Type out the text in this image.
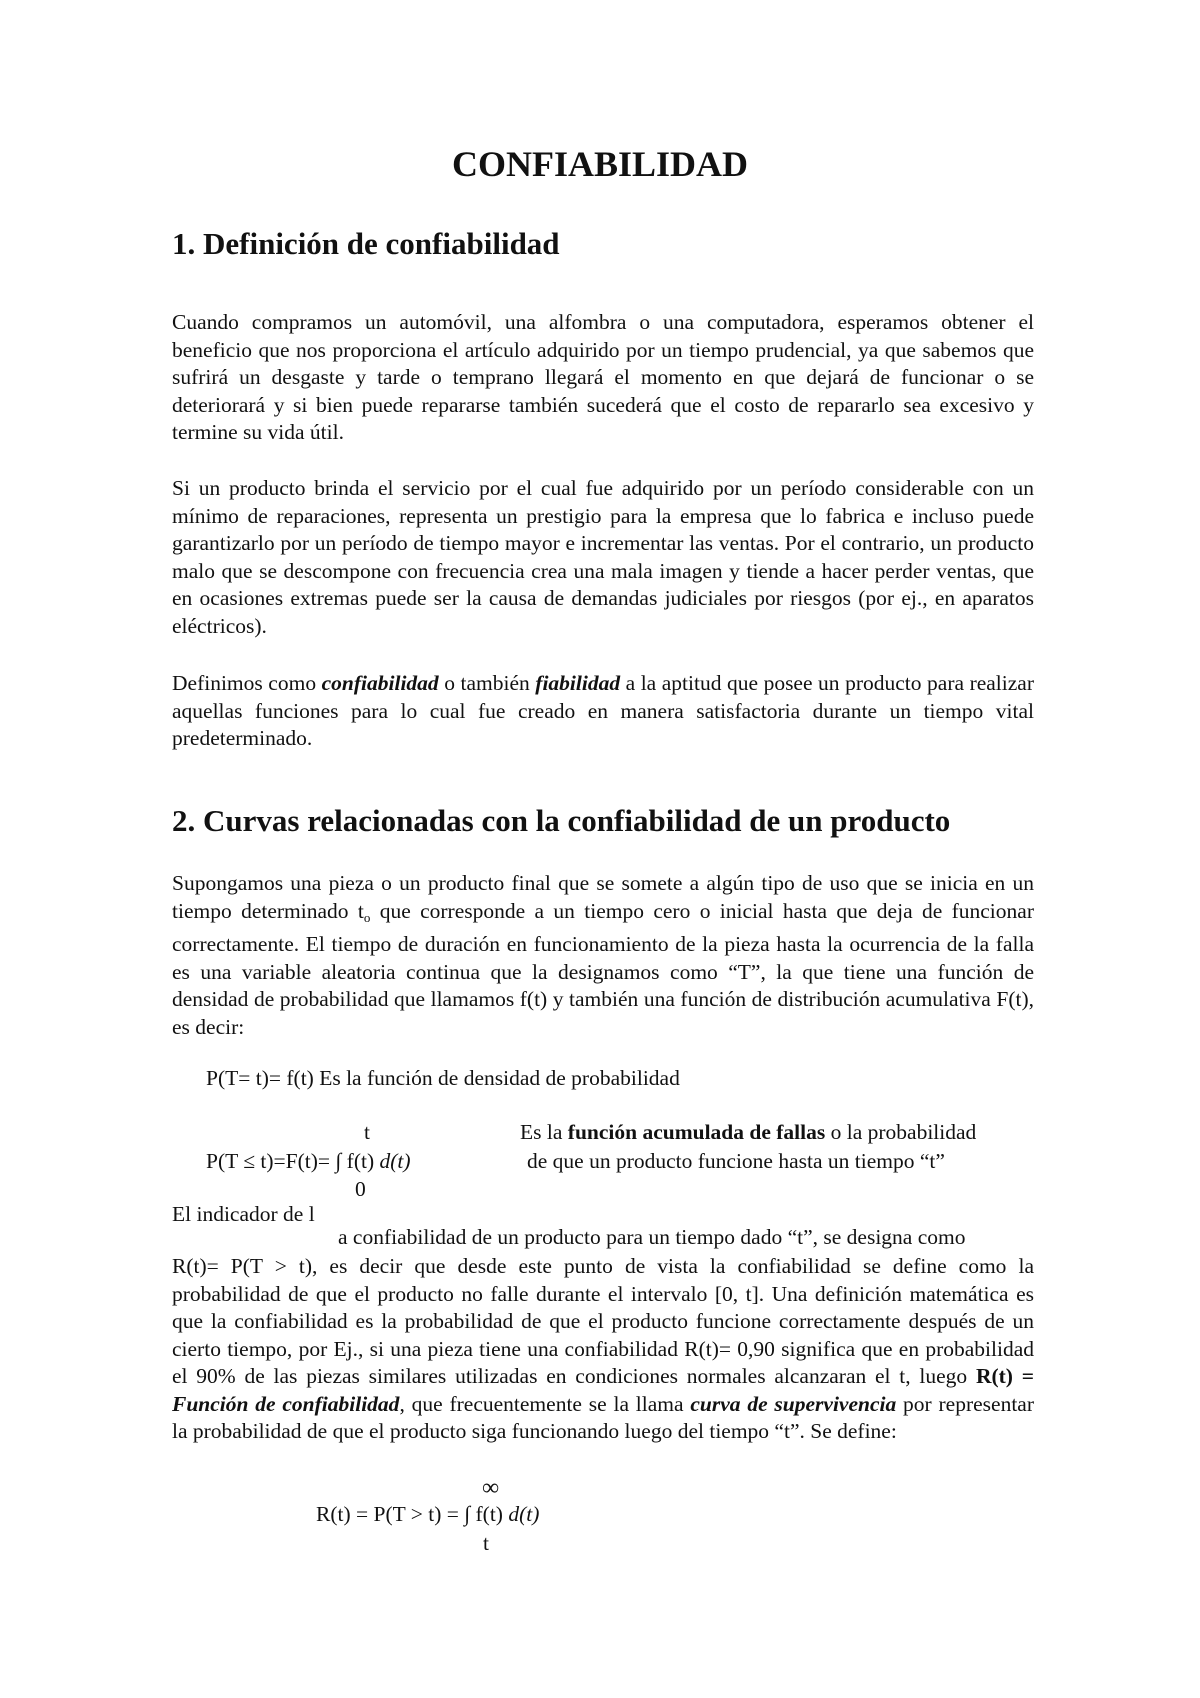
CONFIABILIDAD
1. Definición de confiabilidad

Cuando compramos un automóvil, una alfombra o una computadora, esperamos obtener el beneficio que nos proporciona el artículo adquirido por un tiempo prudencial, ya que sabemos que sufrirá un desgaste y tarde o temprano llegará el momento en que dejará de funcionar o se deteriorará y si bien puede repararse también sucederá que el costo de repararlo sea excesivo y termine su vida útil.

Si un producto brinda el servicio por el cual fue adquirido por un período considerable con un mínimo de reparaciones, representa un prestigio para la empresa que lo fabrica e incluso puede garantizarlo por un período de tiempo mayor e incrementar las ventas. Por el contrario, un producto malo que se descompone con frecuencia crea una mala imagen y tiende a hacer perder ventas, que en ocasiones extremas puede ser la causa de demandas judiciales por riesgos (por ej., en aparatos eléctricos).

Definimos como confiabilidad o también fiabilidad a la aptitud que posee un producto para realizar aquellas funciones para lo cual fue creado en manera satisfactoria durante un tiempo vital predeterminado.

2. Curvas relacionadas con la confiabilidad de un producto

Supongamos una pieza o un producto final que se somete a algún tipo de uso que se inicia en un tiempo determinado $t_o$ que corresponde a un tiempo cero o inicial hasta que deja de funcionar correctamente. El tiempo de duración en funcionamiento de la pieza hasta la ocurrencia de la falla es una variable aleatoria continua que la designamos como “T”, la que tiene una función de densidad de probabilidad que llamamos f(t) y también una función de distribución acumulativa F(t), es decir:

P(T= t)= f(t) Es la función de densidad de probabilidad
t
P(T ≤ t)=F(t)= ∫ f(t) d(t)
0
Es la función acumulada de fallas o la probabilidad
de que un producto funcione hasta un tiempo “t”
El indicador de l
a confiabilidad de un producto para un tiempo dado “t”, se designa como

R(t)= P(T > t), es decir que desde este punto de vista la confiabilidad se define como la probabilidad de que el producto no falle durante el intervalo [0, t]. Una definición matemática es que la confiabilidad es la probabilidad de que el producto funcione correctamente después de un cierto tiempo, por Ej., si una pieza tiene una confiabilidad R(t)= 0,90 significa que en probabilidad el 90% de las piezas similares utilizadas en condiciones normales alcanzaran el t, luego R(t) = Función de confiabilidad, que frecuentemente se la llama curva de supervivencia por representar la probabilidad de que el producto siga funcionando luego del tiempo “t”. Se define:

∞
R(t) = P(T > t) = ∫ f(t) d(t)
t
